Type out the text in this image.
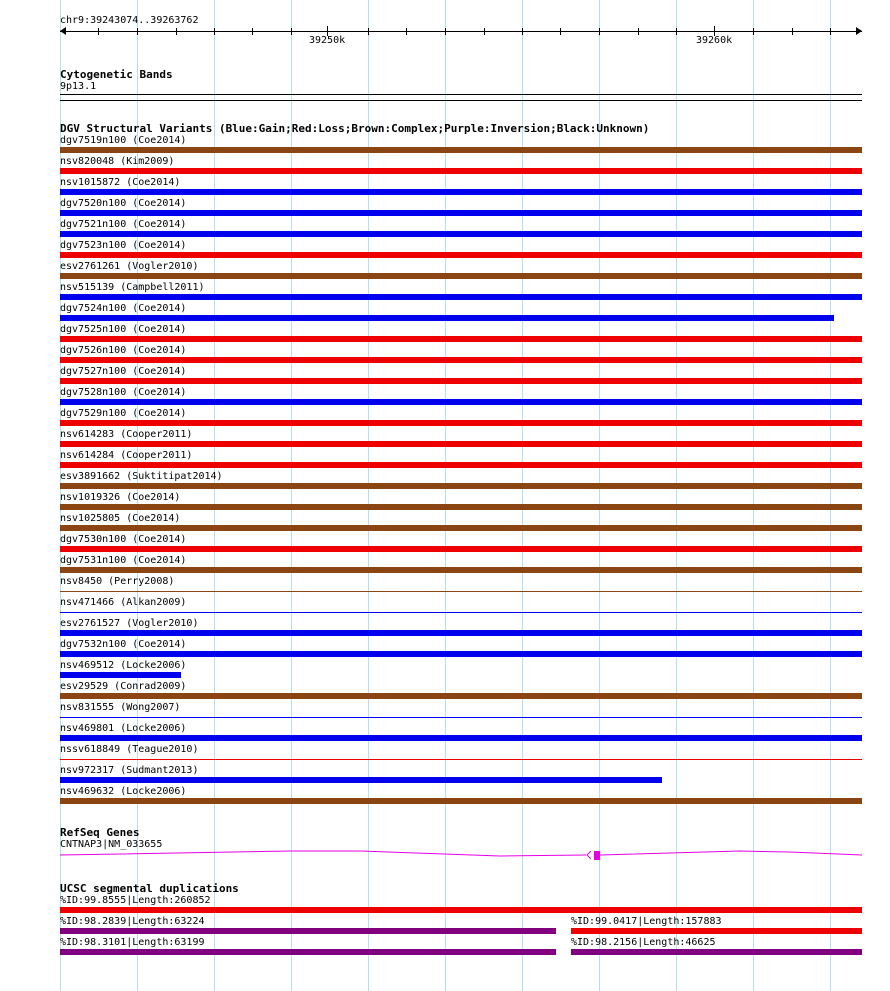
chr9:39243074..39263762
39250k	39260k
Cytogenetic Bands
9p13.1
DGV Structural Variants (Blue:Gain;Red:Loss;Brown:Complex;Purple:Inversion;Black:Unknown)
dgv7519n100 (Coe2014)
nsv820048 (Kim2009)
nsv1015872 (Coe2014)
dgv7520n100 (Coe2014)
dgv7521n100 (Coe2014)
dgv7523n100 (Coe2014)
esv2761261 (Vogler2010)
nsv515139 (Campbell2011)
dgv7524n100 (Coe2014)
dgv7525n100 (Coe2014)
dgv7526n100 (Coe2014)
dgv7527n100 (Coe2014)
dgv7528n100 (Coe2014)
dgv7529n100 (Coe2014)
nsv614283 (Cooper2011)
nsv614284 (Cooper2011)
esv3891662 (Suktitipat2014)
nsv1019326 (Coe2014)
nsv1025805 (Coe2014)
dgv7530n100 (Coe2014)
dgv7531n100 (Coe2014)
nsv8450 (Perry2008)
nsv471466 (Alkan2009)
esv2761527 (Vogler2010)
dgv7532n100 (Coe2014)
nsv469512 (Locke2006)
esv29529 (Conrad2009)
nsv831555 (Wong2007)
nsv469801 (Locke2006)
nssv618849 (Teague2010)
nsv972317 (Sudmant2013)
nsv469632 (Locke2006)
RefSeq Genes
CNTNAP3|NM_033655
UCSC segmental duplications
%ID:99.8555|Length:260852
%ID:98.2839|Length:63224	%ID:99.0417|Length:157883
%ID:98.3101|Length:63199	%ID:98.2156|Length:46625
